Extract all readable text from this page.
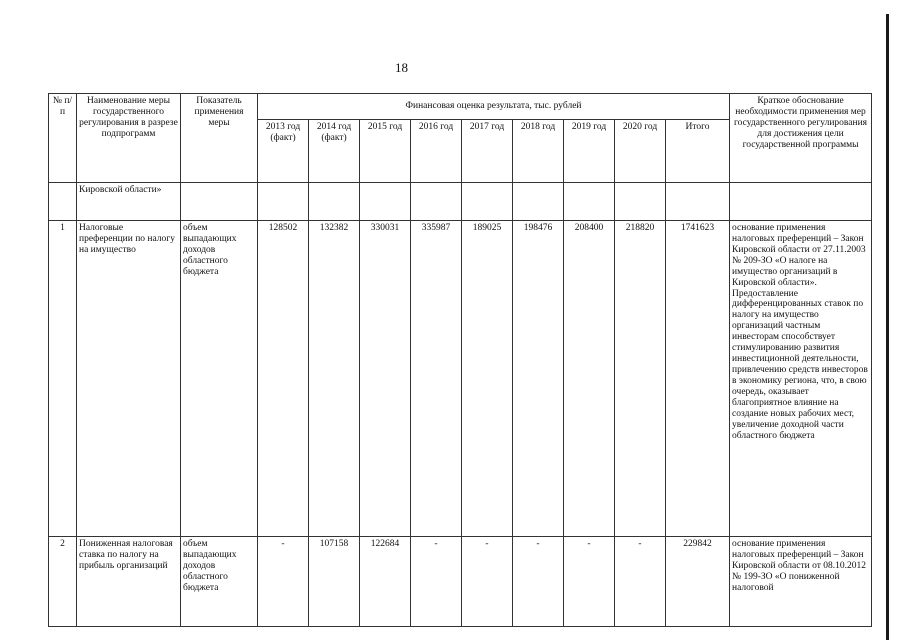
18
№ п/п	Наименование меры государственного регулирования в разрезе подпрограмм	Показатель применения меры	Финансовая оценка результата, тыс. рублей									Краткое обоснование необходимости применения мер государственного регулирования для достижения цели государственной программы
			2013 год (факт)	2014 год (факт)	2015 год	2016 год	2017 год	2018 год	2019 год	2020 год	Итого	
	Кировской области»											
1	Налоговые преференции по налогу на имущество	объем выпадающих доходов областного бюджета	128502	132382	330031	335987	189025	198476	208400	218820	1741623	основание применения налоговых преференций – Закон Кировской области от 27.11.2003 № 209-ЗО «О налоге на имущество организаций в Кировской области». Предоставление дифференцированных ставок по налогу на имущество организаций частным инвесторам способствует стимулированию развития инвестиционной деятельности, привлечению средств инвесторов в экономику региона, что, в свою очередь, оказывает благоприятное влияние на создание новых рабочих мест, увеличение доходной части областного бюджета
2	Пониженная налоговая ставка по налогу на прибыль организаций	объем выпадающих доходов областного бюджета	-	107158	122684	-	-	-	-	-	229842	основание применения налоговых преференций – Закон Кировской области от 08.10.2012 № 199-ЗО «О пониженной налоговой
